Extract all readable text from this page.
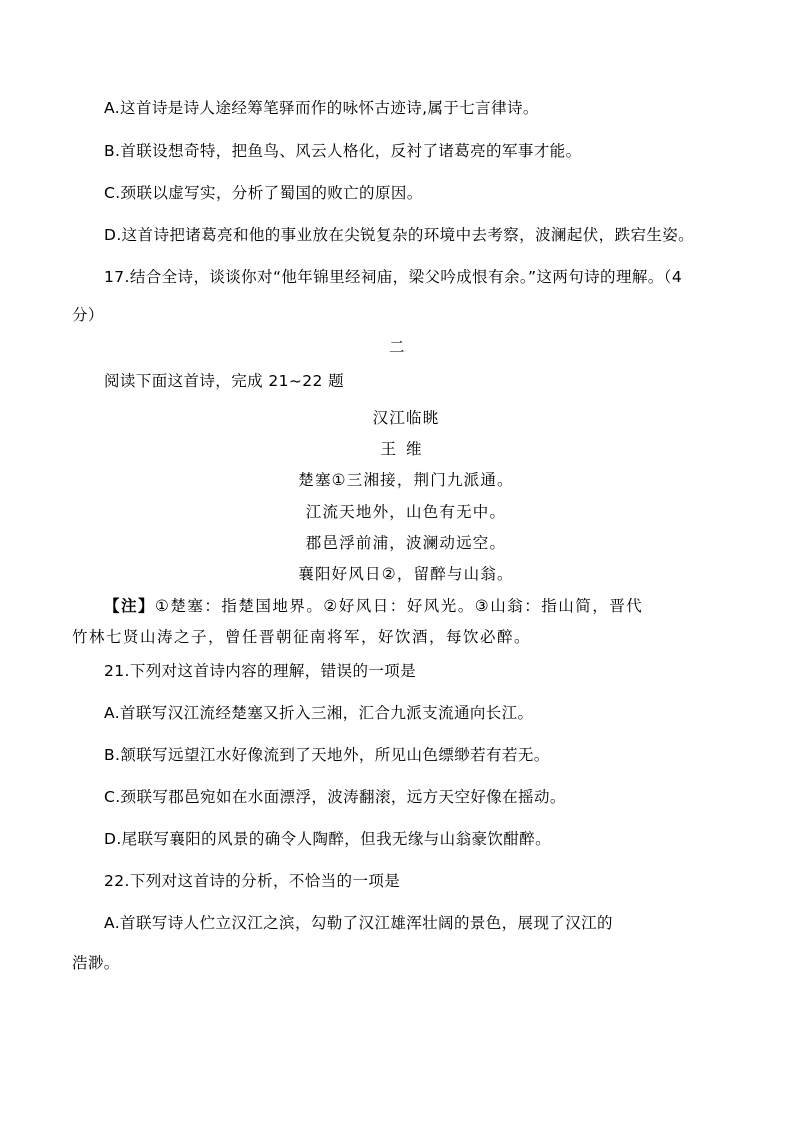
A.这首诗是诗人途经筹笔驿而作的咏怀古迹诗,属于七言律诗。
B.首联设想奇特，把鱼鸟、风云人格化，反衬了诸葛亮的军事才能。
C.颈联以虚写实，分析了蜀国的败亡的原因。
D.这首诗把诸葛亮和他的事业放在尖锐复杂的环境中去考察，波澜起伏，跌宕生姿。
17.结合全诗，谈谈你对“他年锦里经祠庙，梁父吟成恨有余。”这两句诗的理解。（4
分）
二
阅读下面这首诗，完成 21~22 题
汉江临眺
王维
楚塞①三湘接，荆门九派通。
江流天地外，山色有无中。
郡邑浮前浦，波澜动远空。
襄阳好风日②，留醉与山翁。
【注】①楚塞：指楚国地界。②好风日：好风光。③山翁：指山简，晋代
竹林七贤山涛之子，曾任晋朝征南将军，好饮酒，每饮必醉。
21.下列对这首诗内容的理解，错误的一项是
A.首联写汉江流经楚塞又折入三湘，汇合九派支流通向长江。
B.颔联写远望江水好像流到了天地外，所见山色缥缈若有若无。
C.颈联写郡邑宛如在水面漂浮，波涛翻滚，远方天空好像在摇动。
D.尾联写襄阳的风景的确令人陶醉，但我无缘与山翁豪饮酣醉。
22.下列对这首诗的分析，不恰当的一项是
A.首联写诗人伫立汉江之滨，勾勒了汉江雄浑壮阔的景色，展现了汉江的
浩渺。
